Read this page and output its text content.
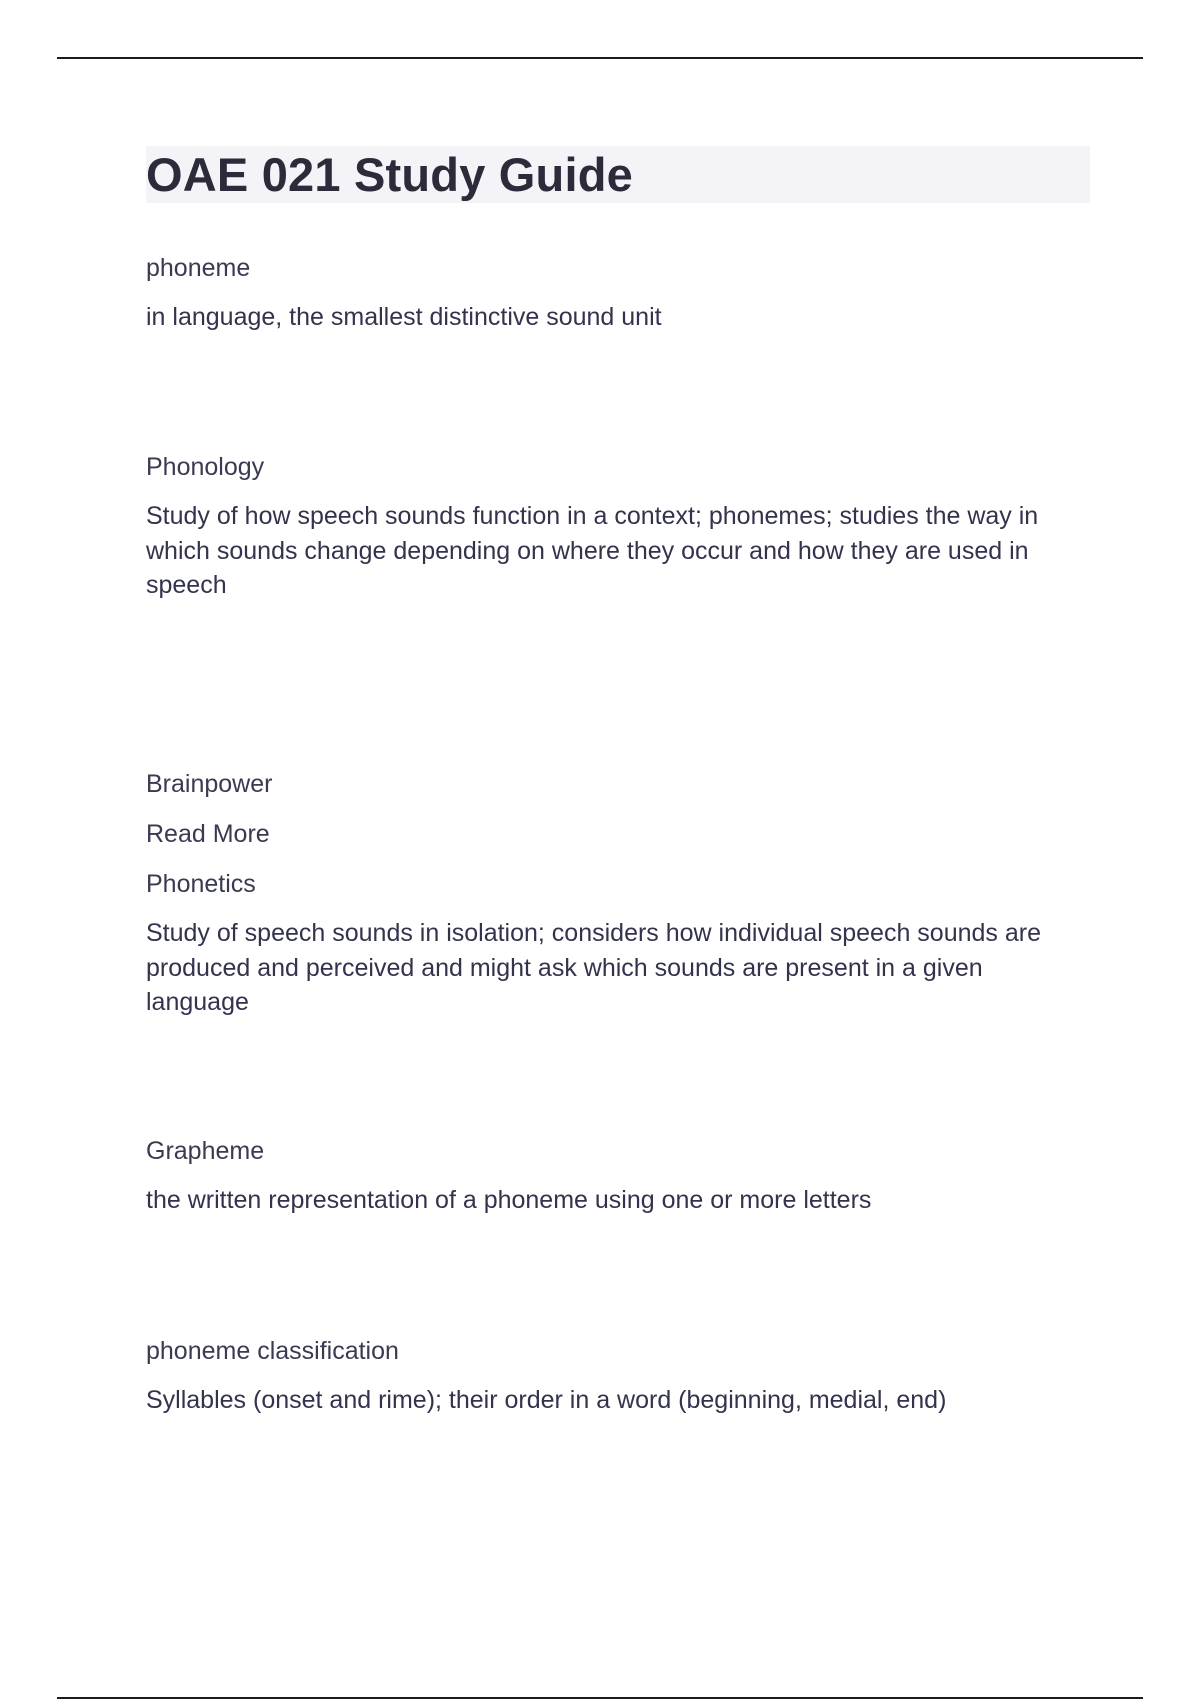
OAE 021 Study Guide

phoneme

in language, the smallest distinctive sound unit

Phonology

Study of how speech sounds function in a context; phonemes; studies the way in which sounds change depending on where they occur and how they are used in speech

Brainpower

Read More

Phonetics

Study of speech sounds in isolation; considers how individual speech sounds are produced and perceived and might ask which sounds are present in a given language

Grapheme

the written representation of a phoneme using one or more letters

phoneme classification

Syllables (onset and rime); their order in a word (beginning, medial, end)
